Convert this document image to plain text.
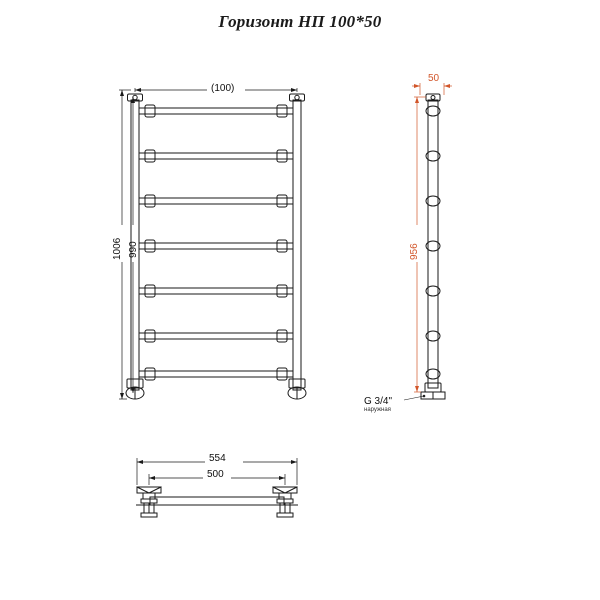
Горизонт НП 100*50
(100)
1006 990
50
956
G 3/4"
наружная
554
500
